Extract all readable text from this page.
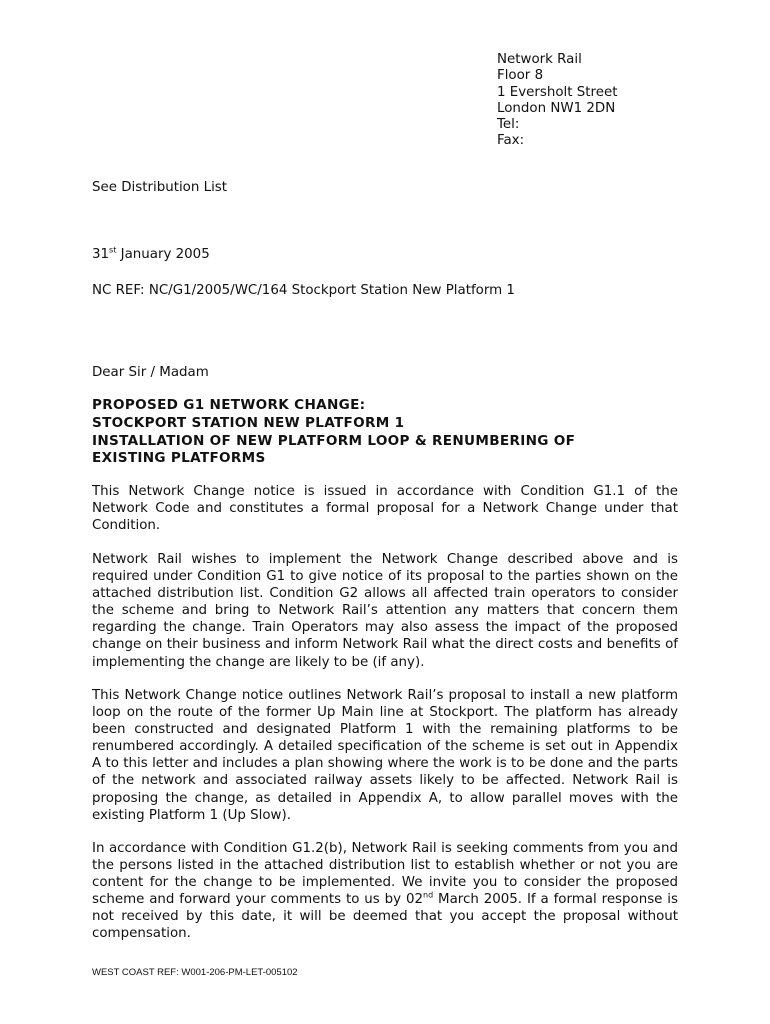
Network Rail
Floor 8
1 Eversholt Street
London NW1 2DN
Tel:
Fax:
See Distribution List
31st January 2005
NC REF: NC/G1/2005/WC/164 Stockport Station New Platform 1
Dear Sir / Madam
PROPOSED G1 NETWORK CHANGE:
STOCKPORT STATION NEW PLATFORM 1
INSTALLATION OF NEW PLATFORM LOOP & RENUMBERING OF
EXISTING PLATFORMS
This Network Change notice is issued in accordance with Condition G1.1 of the Network Code and constitutes a formal proposal for a Network Change under that Condition.
Network Rail wishes to implement the Network Change described above and is required under Condition G1 to give notice of its proposal to the parties shown on the attached distribution list. Condition G2 allows all affected train operators to consider the scheme and bring to Network Rail’s attention any matters that concern them regarding the change. Train Operators may also assess the impact of the proposed change on their business and inform Network Rail what the direct costs and benefits of implementing the change are likely to be (if any).
This Network Change notice outlines Network Rail’s proposal to install a new platform loop on the route of the former Up Main line at Stockport. The platform has already been constructed and designated Platform 1 with the remaining platforms to be renumbered accordingly. A detailed specification of the scheme is set out in Appendix A to this letter and includes a plan showing where the work is to be done and the parts of the network and associated railway assets likely to be affected. Network Rail is proposing the change, as detailed in Appendix A, to allow parallel moves with the existing Platform 1 (Up Slow).
In accordance with Condition G1.2(b), Network Rail is seeking comments from you and the persons listed in the attached distribution list to establish whether or not you are content for the change to be implemented. We invite you to consider the proposed scheme and forward your comments to us by 02nd March 2005. If a formal response is not received by this date, it will be deemed that you accept the proposal without compensation.
WEST COAST REF: W001-206-PM-LET-005102
